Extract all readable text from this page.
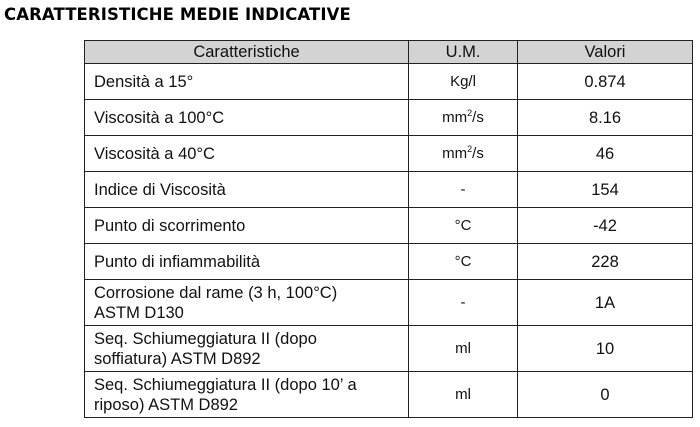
CARATTERISTICHE MEDIE INDICATIVE
Caratteristiche	U.M.	Valori
Densità a 15°	Kg/l	0.874
Viscosità a 100°C	$mm^2/s$	8.16
Viscosità a 40°C	$mm^2/s$	46
Indice di Viscosità	-	154
Punto di scorrimento	°C	-42
Punto di infiammabilità	°C	228
Corrosione dal rame (3 h, 100°C)
ASTM D130	-	1A
Seq. Schiumeggiatura II (dopo
soffiatura) ASTM D892	ml	10
Seq. Schiumeggiatura II (dopo 10’ a
riposo) ASTM D892	ml	0
